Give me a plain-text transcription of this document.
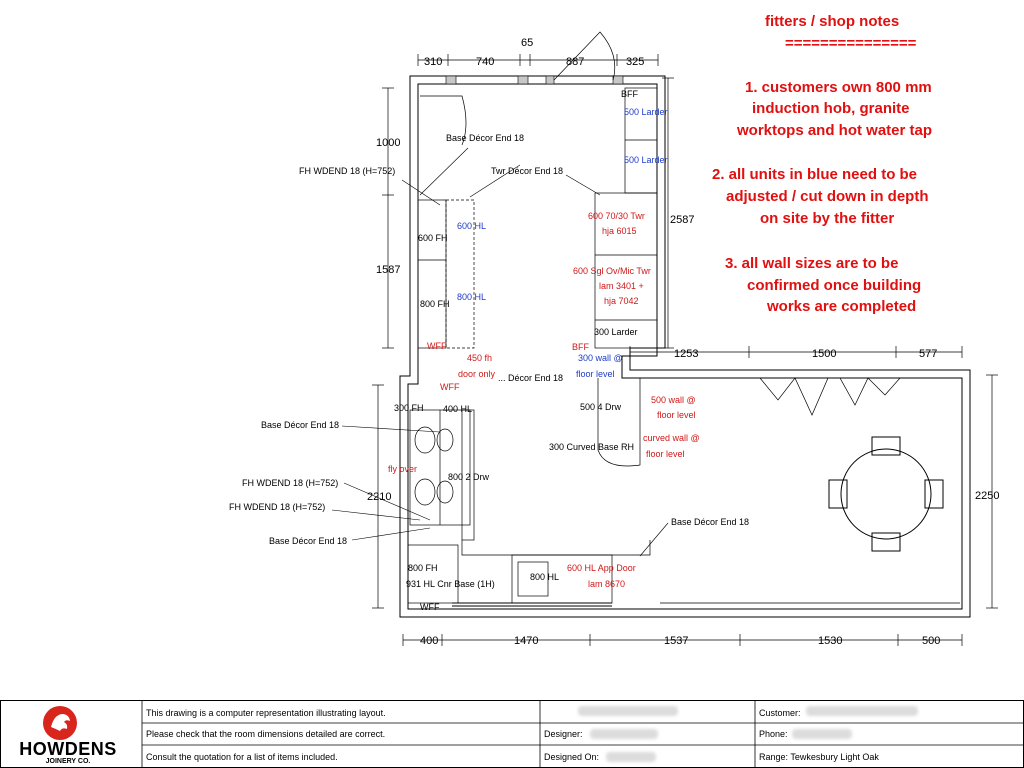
fitters / shop notes
===============
1. customers own 800 mm
induction hob, granite
worktops and hot water tap
2. all units in blue need to be
adjusted / cut down in depth
on site by the fitter
3. all wall sizes are to be
confirmed once building
works are completed
310	740
65
887	325
1000
1587
2587
1253	1500	577
2210	2250
400	1470	1537	1530	500
BFF
500 Larder
500 Larder
Base Décor End 18
Twr Décor End 18
FH WDEND 18 (H=752)
600 70/30 Twr
hja 6015
600 FH
600 HL
600 Sgl Ov/Mic Twr
lam 3401 +
hja 7042
800 FH
800 HL
300 Larder
WFF	BFF
450 fh
door only
300 wall @
floor level
... Décor End 18
WFF
300 FH 400 HL	500 4 Drw
500 wall @
floor level
Base Décor End 18
curved wall @
floor level
300 Curved Base RH
fly over
800 2 Drw
FH WDEND 18 (H=752)
FH WDEND 18 (H=752)
Base Décor End 18
Base Décor End 18
800 FH
931 HL Cnr Base (1H)
800 HL
600 HL App Door
lam 8670
WFF
HOWDENS
JOINERY CO.
This drawing is a computer representation illustrating layout.
Please check that the room dimensions detailed are correct.
Consult the quotation for a list of items included.
Designer:
Designed On:
Customer:
Phone:
Range: Tewkesbury Light Oak
